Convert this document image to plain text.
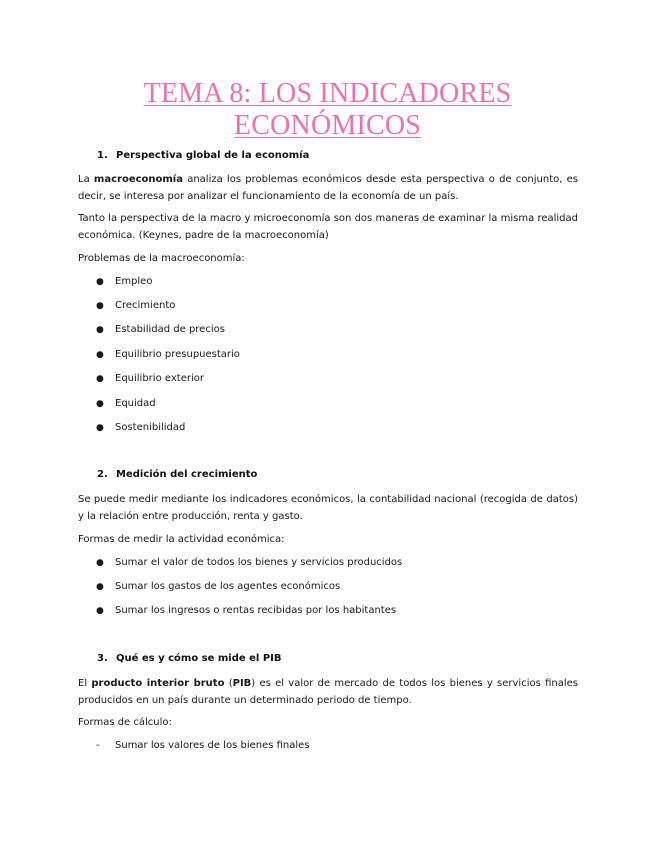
TEMA 8: LOS INDICADORES
ECONÓMICOS
1. Perspectiva global de la economía
La macroeconomía analiza los problemas económicos desde esta perspectiva o de conjunto, es decir, se interesa por analizar el funcionamiento de la economía de un país.
Tanto la perspectiva de la macro y microeconomía son dos maneras de examinar la misma realidad económica. (Keynes, padre de la macroeconomía)
Problemas de la macroeconomía:
● Empleo
● Crecimiento
● Estabilidad de precios
● Equilibrio presupuestario
● Equilibrio exterior
● Equidad
● Sostenibilidad
2. Medición del crecimiento
Se puede medir mediante los indicadores económicos, la contabilidad nacional (recogida de datos) y la relación entre producción, renta y gasto.
Formas de medir la actividad económica:
● Sumar el valor de todos los bienes y servicios producidos
● Sumar los gastos de los agentes económicos
● Sumar los ingresos o rentas recibidas por los habitantes
3. Qué es y cómo se mide el PIB
El producto interior bruto (PIB) es el valor de mercado de todos los bienes y servicios finales producidos en un país durante un determinado periodo de tiempo.
Formas de cálculo:
- Sumar los valores de los bienes finales
